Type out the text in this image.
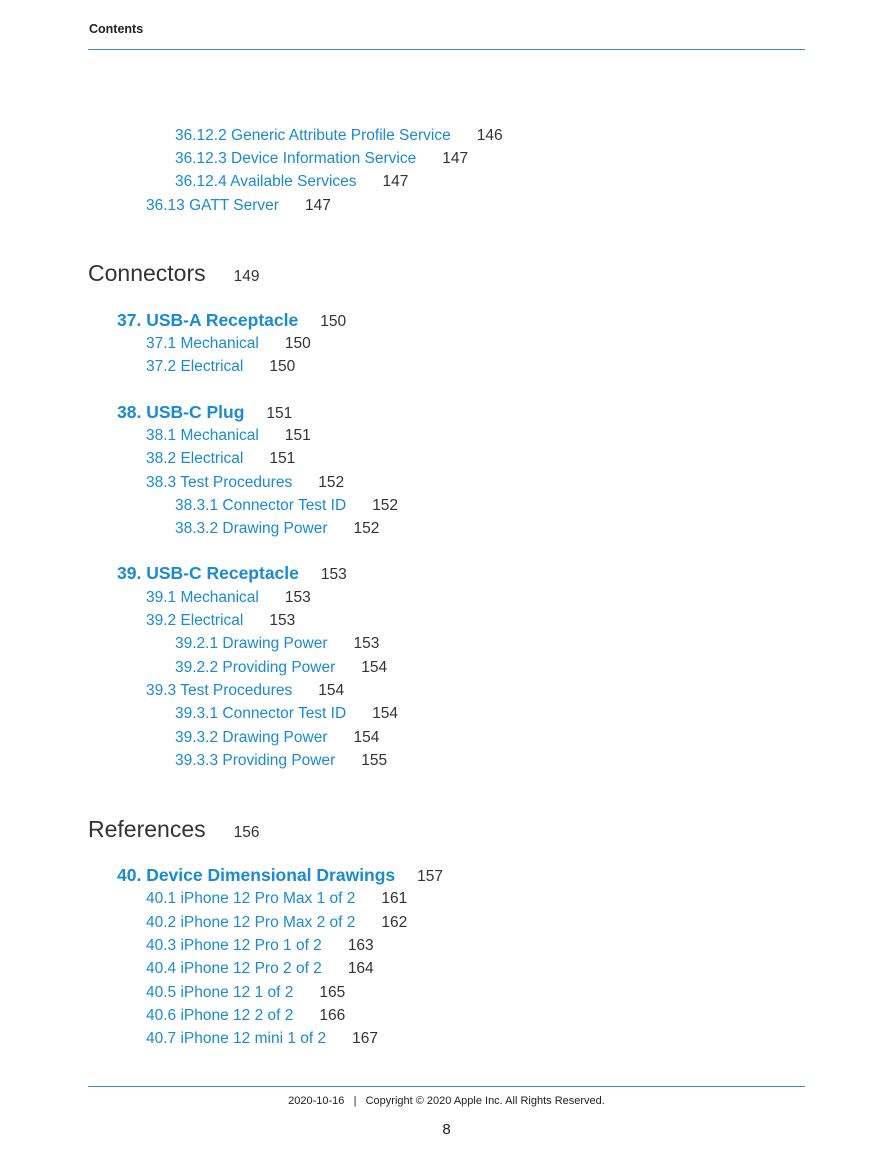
Contents
36.12.2 Generic Attribute Profile Service 146
36.12.3 Device Information Service 147
36.12.4 Available Services 147
36.13 GATT Server 147
Connectors 149
37. USB-A Receptacle 150
37.1 Mechanical 150
37.2 Electrical 150
38. USB-C Plug 151
38.1 Mechanical 151
38.2 Electrical 151
38.3 Test Procedures 152
38.3.1 Connector Test ID 152
38.3.2 Drawing Power 152
39. USB-C Receptacle 153
39.1 Mechanical 153
39.2 Electrical 153
39.2.1 Drawing Power 153
39.2.2 Providing Power 154
39.3 Test Procedures 154
39.3.1 Connector Test ID 154
39.3.2 Drawing Power 154
39.3.3 Providing Power 155
References 156
40. Device Dimensional Drawings 157
40.1 iPhone 12 Pro Max 1 of 2 161
40.2 iPhone 12 Pro Max 2 of 2 162
40.3 iPhone 12 Pro 1 of 2 163
40.4 iPhone 12 Pro 2 of 2 164
40.5 iPhone 12 1 of 2 165
40.6 iPhone 12 2 of 2 166
40.7 iPhone 12 mini 1 of 2 167
2020-10-16   |   Copyright © 2020 Apple Inc. All Rights Reserved.
8
